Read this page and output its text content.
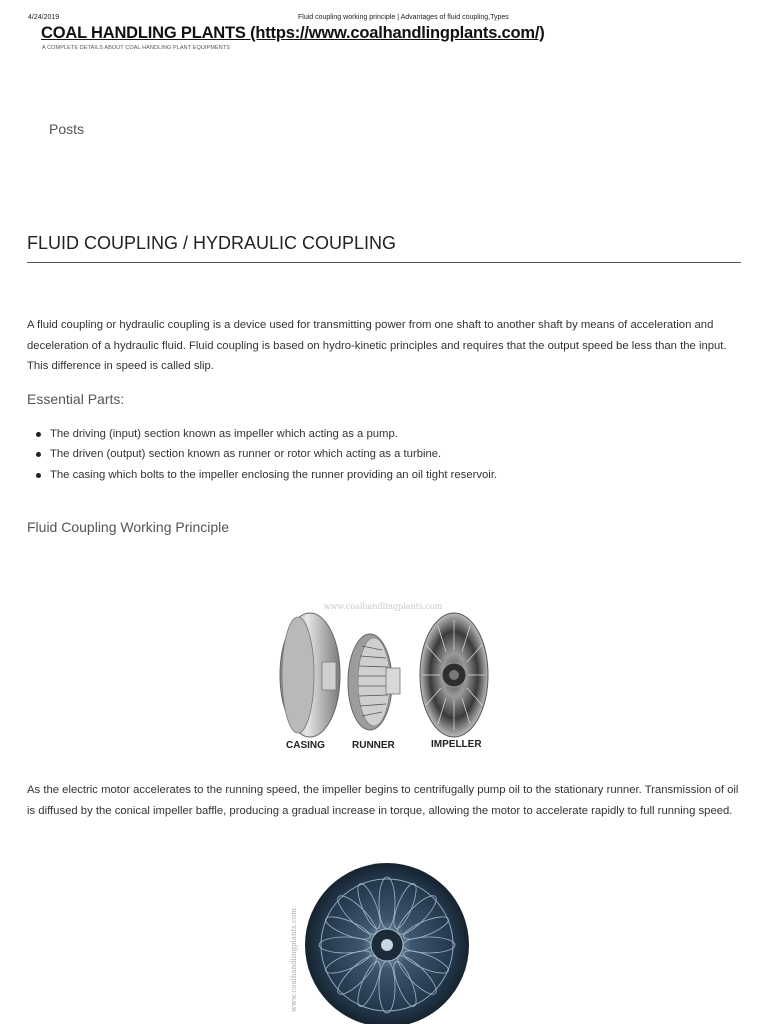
4/24/2019	Fluid coupling working principle | Advantages of fluid coupling,Types
COAL HANDLING PLANTS (https://www.coalhandlingplants.com/)
A COMPLETE DETAILS ABOUT COAL HANDLING PLANT EQUIPMENTS
Posts
FLUID COUPLING / HYDRAULIC COUPLING

A fluid coupling or hydraulic coupling is a device used for transmitting power from one shaft to another shaft by means of acceleration and deceleration of a hydraulic fluid. Fluid coupling is based on hydro-kinetic principles and requires that the output speed be less than the input. This difference in speed is called slip.

Essential Parts:
The driving (input) section known as impeller which acting as a pump.
The driven (output) section known as runner or rotor which acting as a turbine.
The casing which bolts to the impeller enclosing the runner providing an oil tight reservoir.
Fluid Coupling Working Principle
www.coalhandlingplants.com
CASING	RUNNER	IMPELLER

As the electric motor accelerates to the running speed, the impeller begins to centrifugally pump oil to the stationary runner. Transmission of oil is diffused by the conical impeller baffle, producing a gradual increase in torque, allowing the motor to accelerate rapidly to full running speed.

www.coalhandlingplants.com
